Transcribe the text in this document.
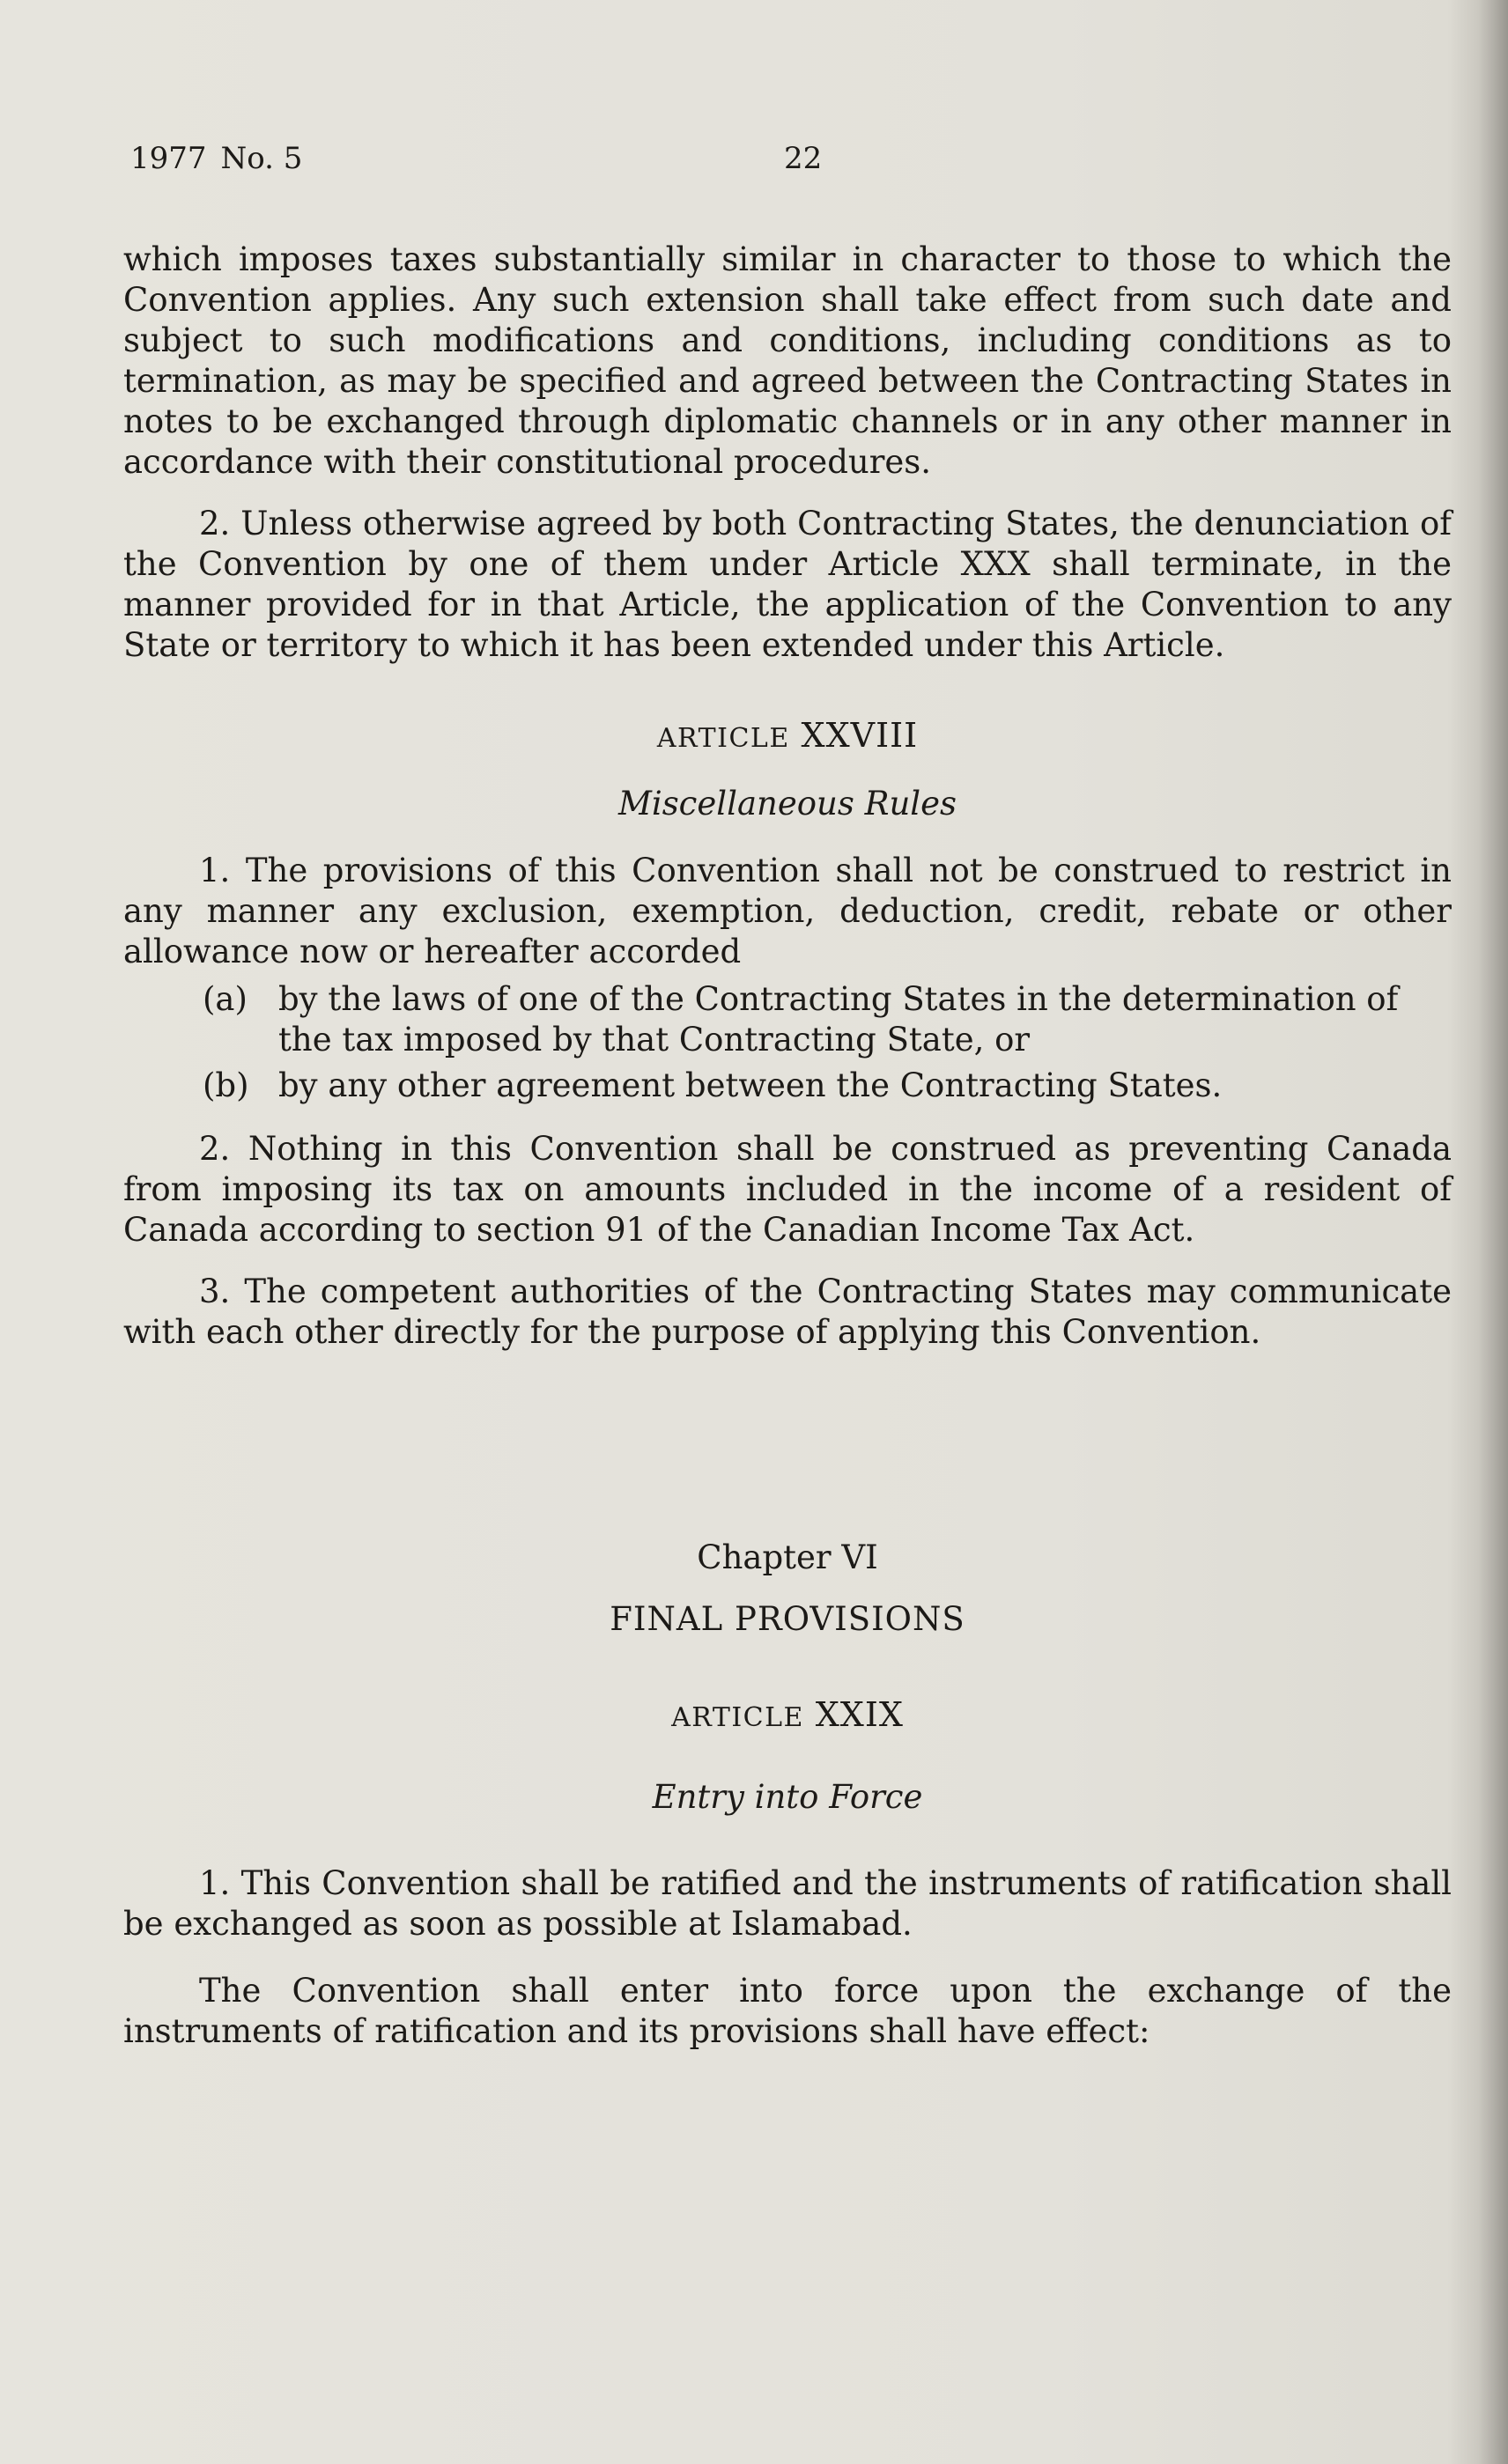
1977 No. 5	22

which imposes taxes substantially similar in character to those to which the Convention applies. Any such extension shall take effect from such date and subject to such modifications and conditions, including conditions as to termination, as may be specified and agreed between the Contracting States in notes to be exchanged through diplomatic channels or in any other manner in accordance with their constitutional procedures.

2. Unless otherwise agreed by both Contracting States, the denunciation of the Convention by one of them under Article XXX shall terminate, in the manner provided for in that Article, the application of the Convention to any State or territory to which it has been extended under this Article.

ARTICLE XXVIII

Miscellaneous Rules

1. The provisions of this Convention shall not be construed to restrict in any manner any exclusion, exemption, deduction, credit, rebate or other allowance now or hereafter accorded

(a) by the laws of one of the Contracting States in the determination of the tax imposed by that Contracting State, or
(b) by any other agreement between the Contracting States.

2. Nothing in this Convention shall be construed as preventing Canada from imposing its tax on amounts included in the income of a resident of Canada according to section 91 of the Canadian Income Tax Act.

3. The competent authorities of the Contracting States may communicate with each other directly for the purpose of applying this Convention.

Chapter VI

FINAL PROVISIONS

ARTICLE XXIX

Entry into Force

1. This Convention shall be ratified and the instruments of ratification shall be exchanged as soon as possible at Islamabad.

The Convention shall enter into force upon the exchange of the instruments of ratification and its provisions shall have effect:
